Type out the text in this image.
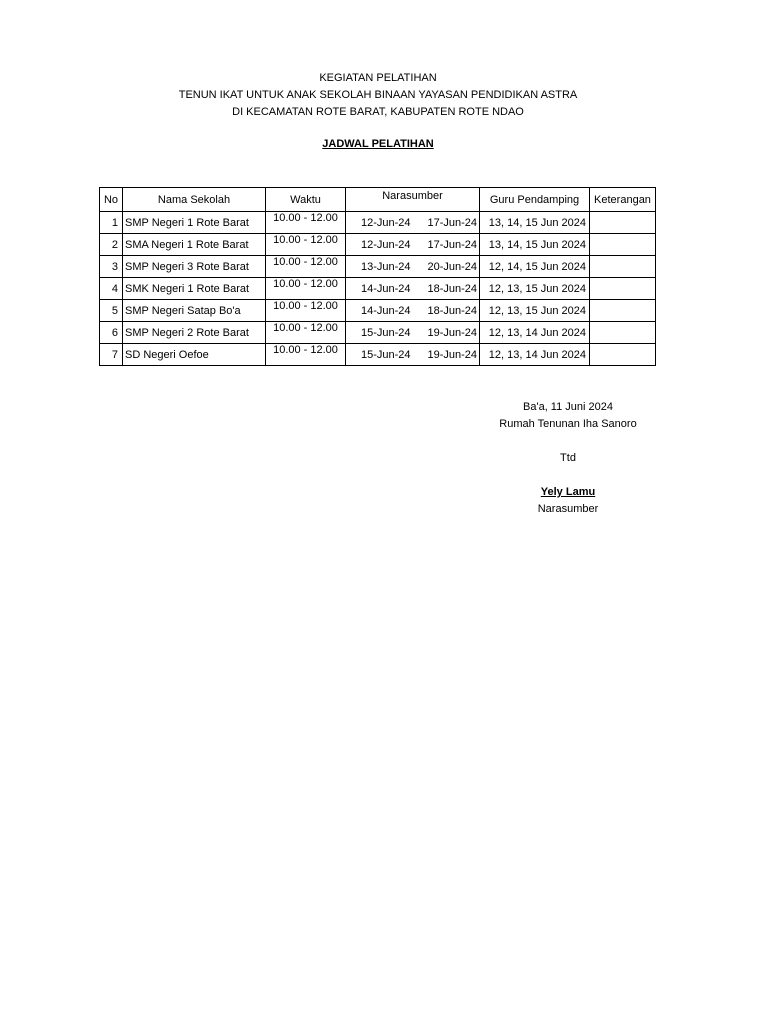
KEGIATAN PELATIHAN
TENUN IKAT UNTUK ANAK SEKOLAH BINAAN YAYASAN PENDIDIKAN ASTRA
DI KECAMATAN ROTE BARAT, KABUPATEN ROTE NDAO
JADWAL PELATIHAN
No	Nama Sekolah	Waktu	Narasumber		Guru Pendamping	Keterangan
1	SMP Negeri 1 Rote Barat	10.00 - 12.00	12-Jun-24	17-Jun-24	13, 14, 15 Jun 2024	
2	SMA Negeri 1 Rote Barat	10.00 - 12.00	12-Jun-24	17-Jun-24	13, 14, 15 Jun 2024	
3	SMP Negeri 3 Rote Barat	10.00 - 12.00	13-Jun-24	20-Jun-24	12, 14, 15 Jun 2024	
4	SMK Negeri 1 Rote Barat	10.00 - 12.00	14-Jun-24	18-Jun-24	12, 13, 15 Jun 2024	
5	SMP Negeri Satap Bo'a	10.00 - 12.00	14-Jun-24	18-Jun-24	12, 13, 15 Jun 2024	
6	SMP Negeri 2 Rote Barat	10.00 - 12.00	15-Jun-24	19-Jun-24	12, 13, 14 Jun 2024	
7	SD Negeri Oefoe	10.00 - 12.00	15-Jun-24	19-Jun-24	12, 13, 14 Jun 2024	
Ba'a, 11 Juni 2024
Rumah Tenunan Iha Sanoro
Ttd
Yely Lamu
Narasumber
